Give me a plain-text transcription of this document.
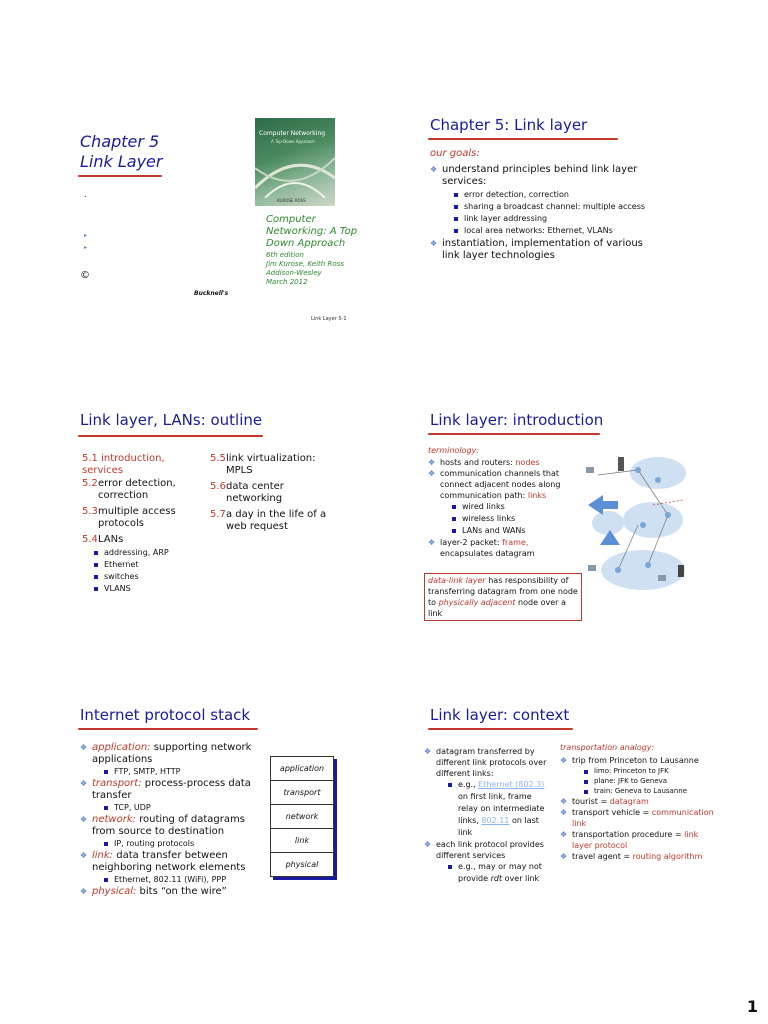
Chapter 5
Link Layer
.
▸
▸
©
Computer Networking
A Top-Down Approach
KUROSE ROSS
Computer Networking: A Top Down Approach
6th edition
Jim Kurose, Keith Ross
Addison-Wesley
March 2012
Bucknell's
Link Layer 5-1
Chapter 5: Link layer
our goals:
❖ understand principles behind link layer services:
error detection, correction
sharing a broadcast channel: multiple access
link layer addressing
local area networks: Ethernet, VLANs
❖ instantiation, implementation of various link layer technologies
Link layer, LANs: outline
5.1 introduction, services
5.2 error detection, correction
5.3 multiple access protocols
5.4 LANs
addressing, ARP
Ethernet
switches
VLANS
5.5 link virtualization: MPLS
5.6 data center networking
5.7 a day in the life of a web request
Link layer: introduction
terminology:
❖ hosts and routers: nodes
❖ communication channels that connect adjacent nodes along communication path: links
wired links
wireless links
LANs and WANs
❖ layer-2 packet: frame, encapsulates datagram
data-link layer has responsibility of transferring datagram from one node to physically adjacent node over a link
Internet protocol stack
❖ application: supporting network applications
FTP, SMTP, HTTP
❖ transport: process-process data transfer
TCP, UDP
❖ network: routing of datagrams from source to destination
IP, routing protocols
❖ link: data transfer between neighboring network elements
Ethernet, 802.11 (WiFi), PPP
❖ physical: bits “on the wire”
application
transport
network
link
physical
Link layer: context
❖ datagram transferred by different link protocols over different links:
e.g., Ethernet (802.3) on first link, frame relay on intermediate links, 802.11 on last link
❖ each link protocol provides different services
e.g., may or may not provide rdt over link
transportation analogy:
❖ trip from Princeton to Lausanne
limo: Princeton to JFK
plane: JFK to Geneva
train: Geneva to Lausanne
❖ tourist = datagram
❖ transport vehicle = communication link
❖ transportation procedure = link layer protocol
❖ travel agent = routing algorithm
1
